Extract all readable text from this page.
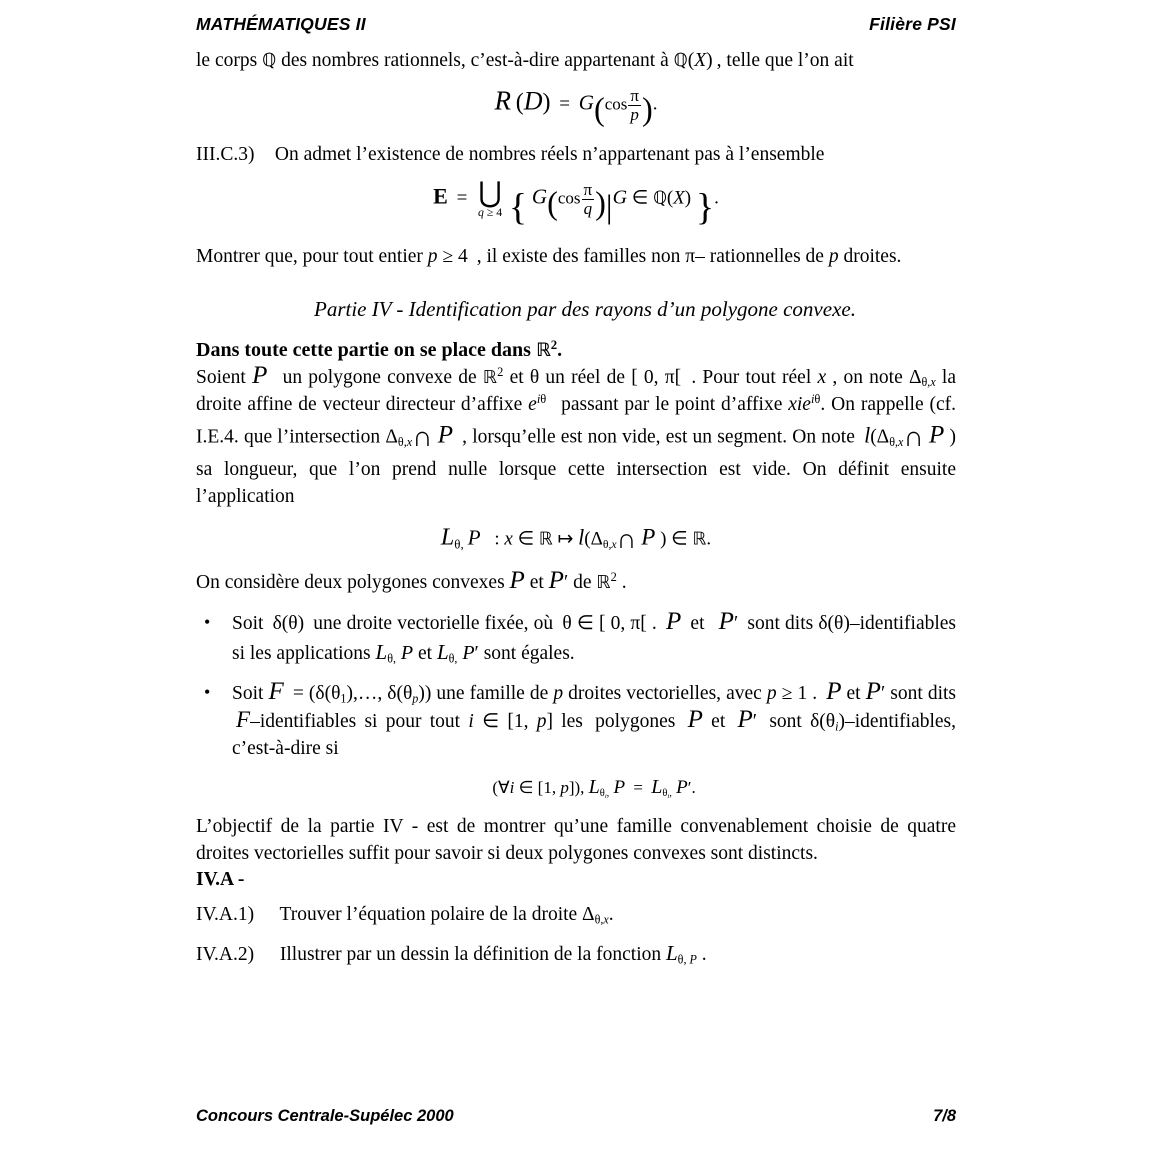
MATHÉMATIQUES II	Filière PSI

le corps ℚ des nombres rationnels, c’est-à-dire appartenant à ℚ(X) , telle que l’on ait

R $(D) = G(\cos \frac{\pi}{p}$ ).

III.C.3) On admet l’existence de nombres réels n’appartenant pas à l’ensemble

Ε = ⋃
q ≥ 4 { $G(\cos \frac{\pi}{q} )|G$ ∈ ℚ(X) }.

Montrer que, pour tout entier p ≥ 4 , il existe des familles non π– rationnelles de p droites.

Partie IV - Identification par des rayons d’un polygone convexe.
Dans toute cette partie on se place dans ℝ$^2$.

Soient P un polygone convexe de ℝ$^2$ et θ un réel de [ 0, π[ . Pour tout réel x , on note $\Delta_{\theta,x}$ la droite affine de vecteur directeur d’affixe $e^{i\theta}$ passant par le point d’affixe xie$^{i\theta}$. On rappelle (cf. I.E.4. que l’intersection $\Delta_{\theta,x}\cap$ P , lorsqu’elle est non vide, est un segment. On note $l(\Delta_{\theta,x}\cap$ P ) sa longueur, que l’on prend nulle lorsque cette intersection est vide. On définit ensuite l’application

$L_{\theta,}$ P : x ∈ ℝ ↦ $l(\Delta_{\theta,x}\cap$ P ) ∈ ℝ.

On considère deux polygones convexes P et P′ de ℝ$^2$ .

• Soit δ(θ) une droite vectorielle fixée, où θ ∈ [ 0, π[ . P et P′ sont dits δ(θ)–identifiables si les applications $L_{\theta,}$ P et $L_{\theta,}$ P′ sont égales.
• Soit $F = (\delta(\theta_1),\dots$, $\delta(\theta_p)$) une famille de p droites vectorielles, avec p ≥ 1 . P et P′ sont dits F–identifiables si pour tout i ∈ [1, p] les polygones P et P′ sont $\delta(\theta_i)$–identifiables, c’est-à-dire si
(∀i ∈ [1, p]), $L_{\theta_i,}$ $P = L_{\theta_i,}$ P′.

L’objectif de la partie IV - est de montrer qu’une famille convenablement choisie de quatre droites vectorielles suffit pour savoir si deux polygones convexes sont distincts.

IV.A -

IV.A.1) Trouver l’équation polaire de la droite $\Delta_{\theta,x}$.

IV.A.2) Illustrer par un dessin la définition de la fonction $L_{\theta, P}$ .

Concours Centrale-Supélec 2000	7/8
